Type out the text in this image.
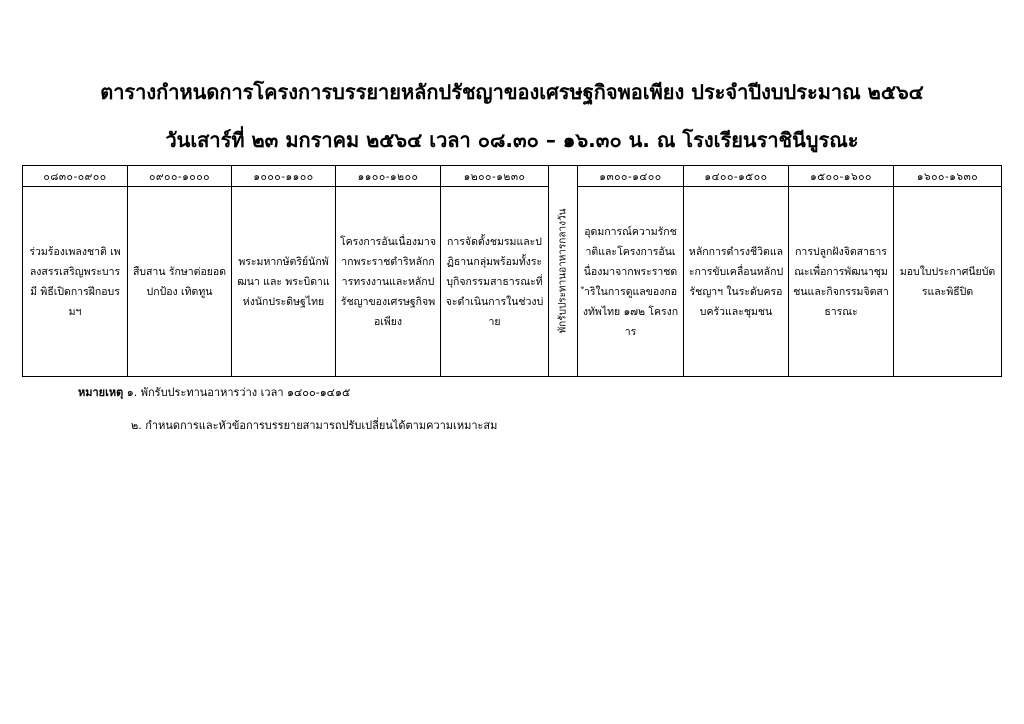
ตารางกำหนดการโครงการบรรยายหลักปรัชญาของเศรษฐกิจพอเพียง ประจำปีงบประมาณ ๒๕๖๔
วันเสาร์ที่ ๒๓ มกราคม ๒๕๖๔ เวลา ๐๘.๓๐ – ๑๖.๓๐ น. ณ โรงเรียนราชินีบูรณะ
๐๘๓๐-๐๙๐๐	๐๙๐๐-๑๐๐๐	๑๐๐๐-๑๑๐๐	๑๑๐๐-๑๒๐๐	๑๒๐๐-๑๒๓๐	พักรับประทานอาหารกลางวัน	๑๓๐๐-๑๔๐๐	๑๔๐๐-๑๕๐๐	๑๕๐๐-๑๖๐๐	๑๖๐๐-๑๖๓๐
ร่วมร้องเพลงชาติ เพลงสรรเสริญพระบารมี พิธีเปิดการฝึกอบรมฯ	สืบสาน รักษาต่อยอด ปกป้อง เทิดทูน	พระมหากษัตริย์นักพัฒนา และ พระบิดาแห่งนักประดิษฐไทย	โครงการอันเนื่องมาจากพระราชดำริหลักการทรงงานและหลักปรัชญาของเศรษฐกิจพอเพียง	การจัดตั้งชมรมและปฏิธานกลุ่มพร้อมทั้งระบุกิจกรรมสาธารณะที่จะดำเนินการในช่วงบ่าย		อุดมการณ์ความรักชาติและโครงการอันเนื่องมาจากพระราชดำริในการดูแลของกองทัพไทย ๑๗๒ โครงการ	หลักการดำรงชีวิตและการขับเคลื่อนหลักปรัชญาฯ ในระดับครอบครัวและชุมชน	การปลูกฝังจิตสาธารณะเพื่อการพัฒนาชุมชนและกิจกรรมจิตสาธารณะ	มอบใบประกาศนียบัตรและพิธีปิด
หมายเหตุ ๑. พักรับประทานอาหารว่าง เวลา ๑๔๐๐-๑๔๑๕
๒. กำหนดการและหัวข้อการบรรยายสามารถปรับเปลี่ยนได้ตามความเหมาะสม
